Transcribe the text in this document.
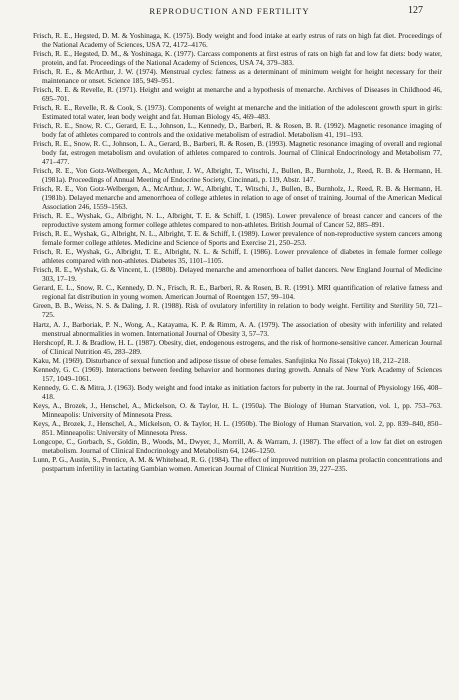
REPRODUCTION AND FERTILITY	127
Frisch, R. E., Hegsted, D. M. & Yoshinaga, K. (1975). Body weight and food intake at early estrus of rats on high fat diet. Proceedings of the National Academy of Sciences, USA 72, 4172–4176.
Frisch, R. E., Hegsted, D. M., & Yoshinaga, K. (1977). Carcass components at first estrus of rats on high fat and low fat diets: body water, protein, and fat. Proceedings of the National Academy of Sciences, USA 74, 379–383.
Frisch, R. E., & McArthur, J. W. (1974). Menstrual cycles: fatness as a determinant of minimum weight for height necessary for their maintenance or onset. Science 185, 949–951.
Frisch, R. E. & Revelle, R. (1971). Height and weight at menarche and a hypothesis of menarche. Archives of Diseases in Childhood 46, 695–701.
Frisch, R. E., Revelle, R. & Cook, S. (1973). Components of weight at menarche and the initiation of the adolescent growth spurt in girls: Estimated total water, lean body weight and fat. Human Biology 45, 469–483.
Frisch, R. E., Snow, R. C., Gerard, E. L., Johnson, L., Kennedy, D., Barberi, R. & Rosen, B. R. (1992). Magnetic resonance imaging of body fat of athletes compared to controls and the oxidative metabolism of estradiol. Metabolism 41, 191–193.
Frisch, R. E., Snow, R. C., Johnson, L. A., Gerard, B., Barberi, R. & Rosen, B. (1993). Magnetic resonance imaging of overall and regional body fat, estrogen metabolism and ovulation of athletes compared to controls. Journal of Clinical Endocrinology and Metabolism 77, 471–477.
Frisch, R. E., Von Gotz-Welbergen, A., McArthur, J. W., Albright, T., Witschi, J., Bullen, B., Burnholz, J., Reed, R. B. & Hermann, H. (1981a). Proceedings of Annual Meeting of Endocrine Society, Cincinnati, p. 119, Abstr. 147.
Frisch, R. E., Von Gotz-Welbergen, A., McArthur, J. W., Albright, T., Witschi, J., Bullen, B., Burnholz, J., Reed, R. B. & Hermann, H. (1981b). Delayed menarche and amenorrhoea of college athletes in relation to age of onset of training. Journal of the American Medical Association 246, 1559–1563.
Frisch, R. E., Wyshak, G., Albright, N. L., Albright, T. E. & Schiff, I. (1985). Lower prevalence of breast cancer and cancers of the reproductive system among former college athletes compared to non-athletes. British Journal of Cancer 52, 885–891.
Frisch, R. E., Wyshak, G., Albright, N. L., Albright, T. E. & Schiff, I. (1989). Lower prevalence of non-reproductive system cancers among female former college athletes. Medicine and Science of Sports and Exercise 21, 250–253.
Frisch, R. E., Wyshak, G., Albright, T. E., Albright, N. L. & Schiff, I. (1986). Lower prevalence of diabetes in female former college athletes compared with non-athletes. Diabetes 35, 1101–1105.
Frisch, R. E., Wyshak, G. & Vincent, L. (1980b). Delayed menarche and amenorrhoea of ballet dancers. New England Journal of Medicine 303, 17–19.
Gerard, E. L., Snow, R. C., Kennedy, D. N., Frisch, R. E., Barberi, R. & Rosen, B. R. (1991). MRI quantification of relative fatness and regional fat distribution in young women. American Journal of Roentgen 157, 99–104.
Green, B. B., Weiss, N. S. & Daling, J. R. (1988). Risk of ovulatory infertility in relation to body weight. Fertility and Sterility 50, 721–725.
Hartz, A. J., Barboriak, P. N., Wong, A., Katayama, K. P. & Rimm, A. A. (1979). The association of obesity with infertility and related menstrual abnormalities in women. International Journal of Obesity 3, 57–73.
Hershcopf, R. J. & Bradlow, H. L. (1987). Obesity, diet, endogenous estrogens, and the risk of hormone-sensitive cancer. American Journal of Clinical Nutrition 45, 283–289.
Kaku, M. (1969). Disturbance of sexual function and adipose tissue of obese females. Sanfujinka No Jissai (Tokyo) 18, 212–218.
Kennedy, G. C. (1969). Interactions between feeding behavior and hormones during growth. Annals of New York Academy of Sciences 157, 1049–1061.
Kennedy, G. C. & Mitra, J. (1963). Body weight and food intake as initiation factors for puberty in the rat. Journal of Physiology 166, 408–418.
Keys, A., Brozek, J., Henschel, A., Mickelson, O. & Taylor, H. L. (1950a). The Biology of Human Starvation, vol. 1, pp. 753–763. Minneapolis: University of Minnesota Press.
Keys, A., Brozek, J., Henschel, A., Mickelson, O. & Taylor, H. L. (1950b). The Biology of Human Starvation, vol. 2, pp. 839–840, 850–851. Minneapolis: University of Minnesota Press.
Longcope, C., Gorbach, S., Goldin, B., Woods, M., Dwyer, J., Morrill, A. & Warram, J. (1987). The effect of a low fat diet on estrogen metabolism. Journal of Clinical Endocrinology and Metabolism 64, 1246–1250.
Lunn, P. G., Austin, S., Prentice, A. M. & Whitehead, R. G. (1984). The effect of improved nutrition on plasma prolactin concentrations and postpartum infertility in lactating Gambian women. American Journal of Clinical Nutrition 39, 227–235.
